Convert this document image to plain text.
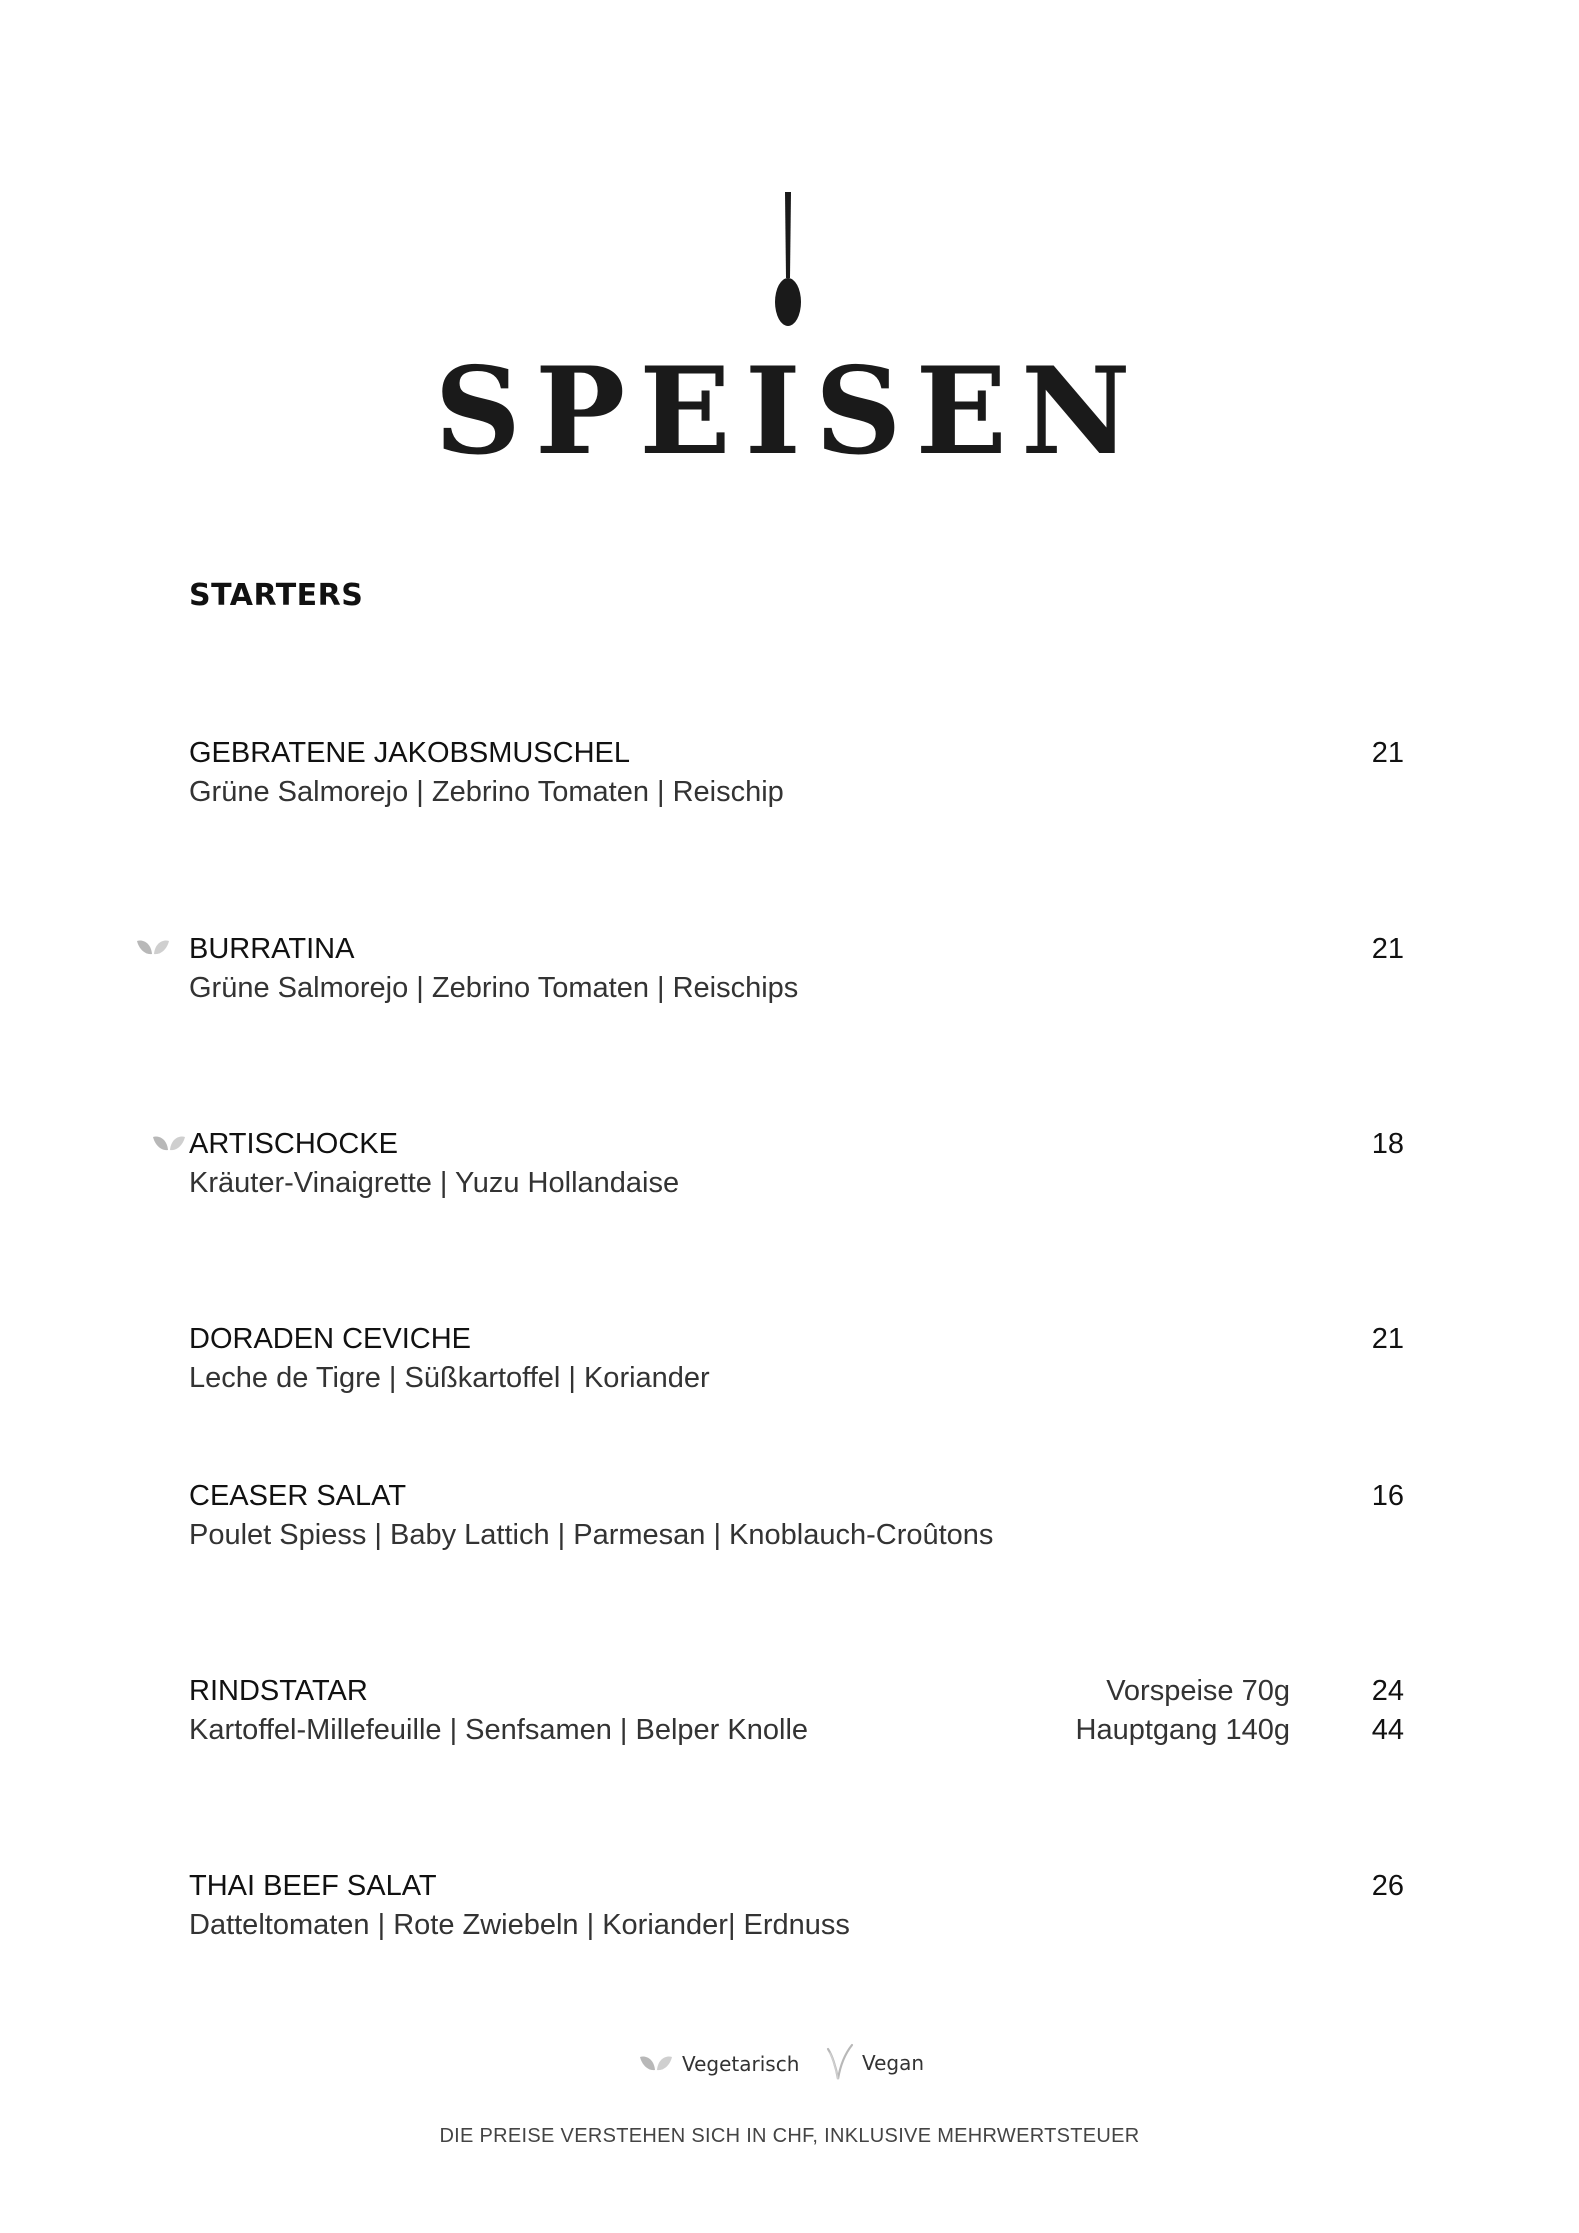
SPEISEN
STARTERS
GEBRATENE JAKOBSMUSCHEL
Grüne Salmorejo | Zebrino Tomaten | Reischip
21
BURRATINA
Grüne Salmorejo | Zebrino Tomaten | Reischips
21
ARTISCHOCKE
Kräuter-Vinaigrette | Yuzu Hollandaise
18
DORADEN CEVICHE
Leche de Tigre | Süßkartoffel | Koriander
21
CEASER SALAT
Poulet Spiess | Baby Lattich | Parmesan | Knoblauch-Croûtons
16
RINDSTATAR
Kartoffel-Millefeuille | Senfsamen | Belper Knolle
Vorspeise 70g	24
Hauptgang 140g	44
THAI BEEF SALAT
Datteltomaten | Rote Zwiebeln | Koriander| Erdnuss
26
Vegetarisch	Vegan
DIE PREISE VERSTEHEN SICH IN CHF, INKLUSIVE MEHRWERTSTEUER
